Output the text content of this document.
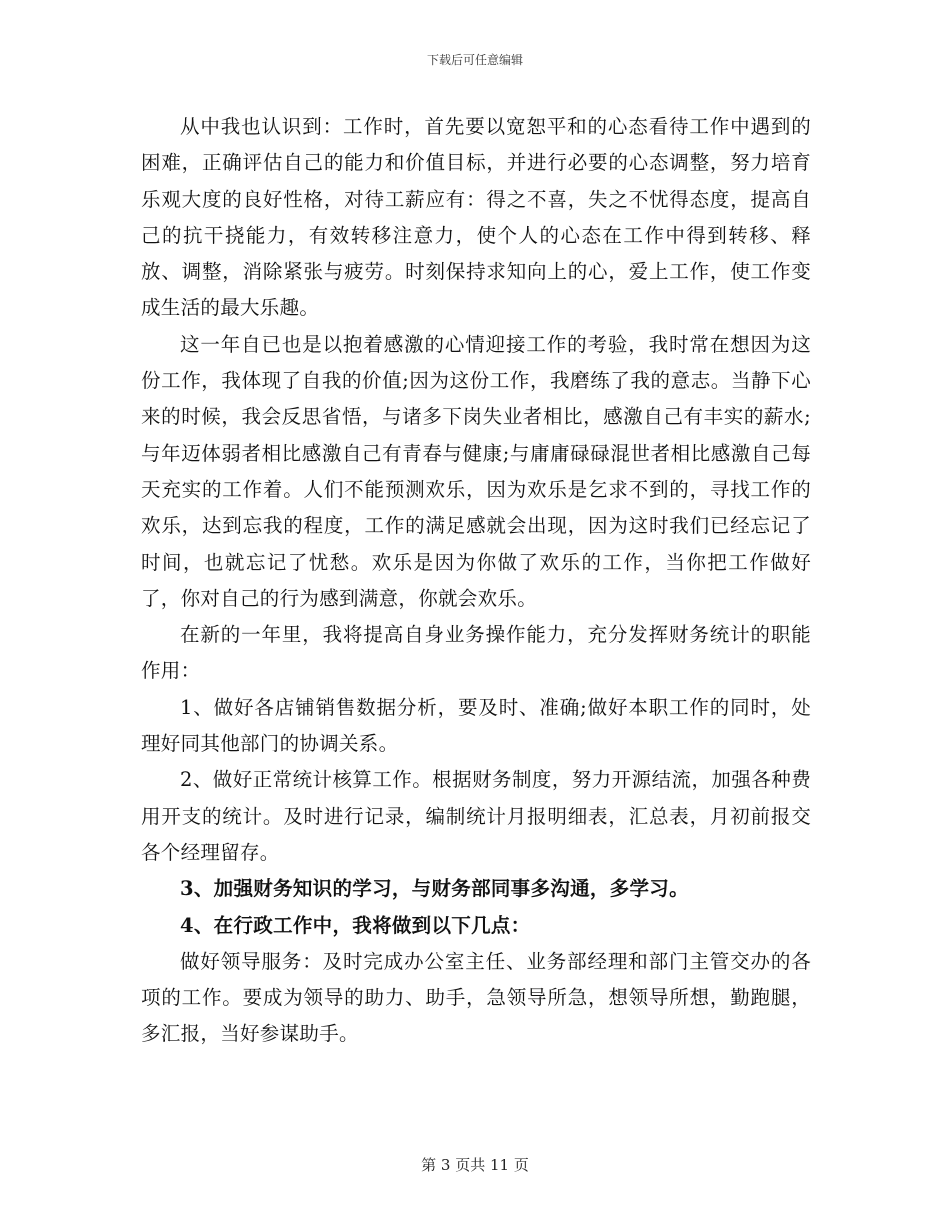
下载后可任意编辑

从中我也认识到：工作时，首先要以宽恕平和的心态看待工作中遇到的困难，正确评估自己的能力和价值目标，并进行必要的心态调整，努力培育乐观大度的良好性格，对待工薪应有：得之不喜，失之不忧得态度，提高自己的抗干挠能力，有效转移注意力，使个人的心态在工作中得到转移、释放、调整，消除紧张与疲劳。时刻保持求知向上的心，爱上工作，使工作变成生活的最大乐趣。

这一年自已也是以抱着感激的心情迎接工作的考验，我时常在想因为这份工作，我体现了自我的价值;因为这份工作，我磨练了我的意志。当静下心来的时候，我会反思省悟，与诸多下岗失业者相比，感激自己有丰实的薪水;与年迈体弱者相比感激自己有青春与健康;与庸庸碌碌混世者相比感激自己每天充实的工作着。人们不能预测欢乐，因为欢乐是乞求不到的，寻找工作的欢乐，达到忘我的程度，工作的满足感就会出现，因为这时我们已经忘记了时间，也就忘记了忧愁。欢乐是因为你做了欢乐的工作，当你把工作做好了，你对自己的行为感到满意，你就会欢乐。

在新的一年里，我将提高自身业务操作能力，充分发挥财务统计的职能作用：

1、做好各店铺销售数据分析，要及时、准确;做好本职工作的同时，处理好同其他部门的协调关系。

2、做好正常统计核算工作。根据财务制度，努力开源结流，加强各种费用开支的统计。及时进行记录，编制统计月报明细表，汇总表，月初前报交各个经理留存。

3、加强财务知识的学习，与财务部同事多沟通，多学习。

4、在行政工作中，我将做到以下几点：

做好领导服务：及时完成办公室主任、业务部经理和部门主管交办的各项的工作。要成为领导的助力、助手，急领导所急，想领导所想，勤跑腿，多汇报，当好参谋助手。

第 3 页共 11 页
